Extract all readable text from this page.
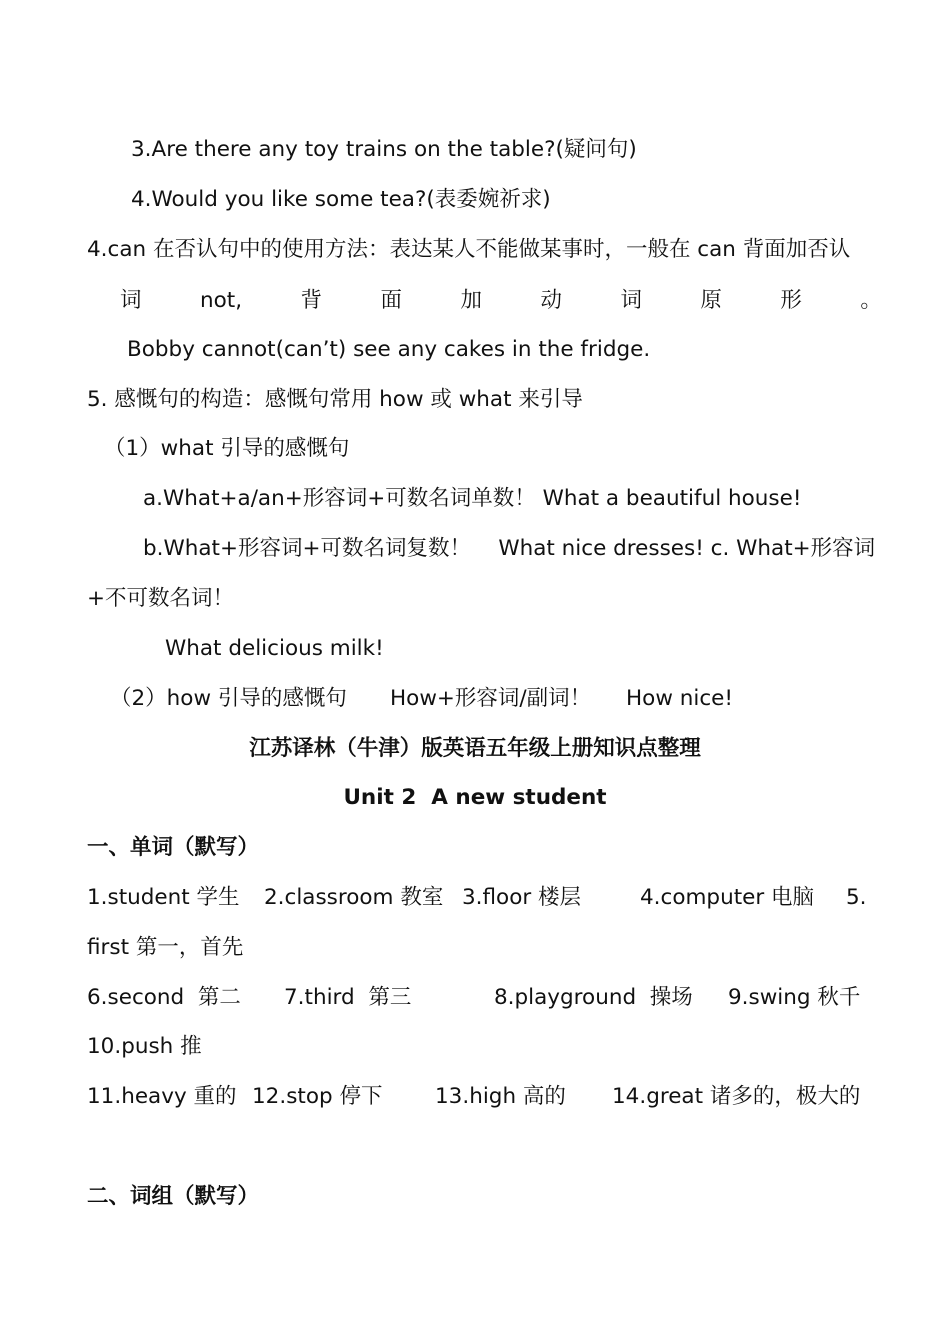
3.Are there any toy trains on the table?(疑问句)
4.Would you like some tea?(表委婉祈求)
4.can 在否认句中的使用方法：表达某人不能做某事时，一般在 can 背面加否认
词	not,	背	面	加	动	词	原	形	。
Bobby cannot(can’t) see any cakes in the fridge.
5. 感慨句的构造：感慨句常用 how 或 what 来引导
（1）what 引导的感慨句
a.What+a/an+形容词+可数名词单数！ What a beautiful house!
b.What+形容词+可数名词复数！    What nice dresses! c. What+形容词
+不可数名词！
What delicious milk!
（2）how 引导的感慨句 How+形容词/副词！ How nice!
江苏译林（牛津）版英语五年级上册知识点整理
Unit 2  A new student
一、单词（默写）
1.student 学生 2.classroom 教室 3.floor 楼层	4.computer 电脑 5.
first 第一，首先
6.second  第二 7.third  第三	8.playground  操场 9.swing 秋千
10.push 推
11.heavy 重的 12.stop 停下 13.high 高的 14.great 诸多的，极大的
二、词组（默写）
